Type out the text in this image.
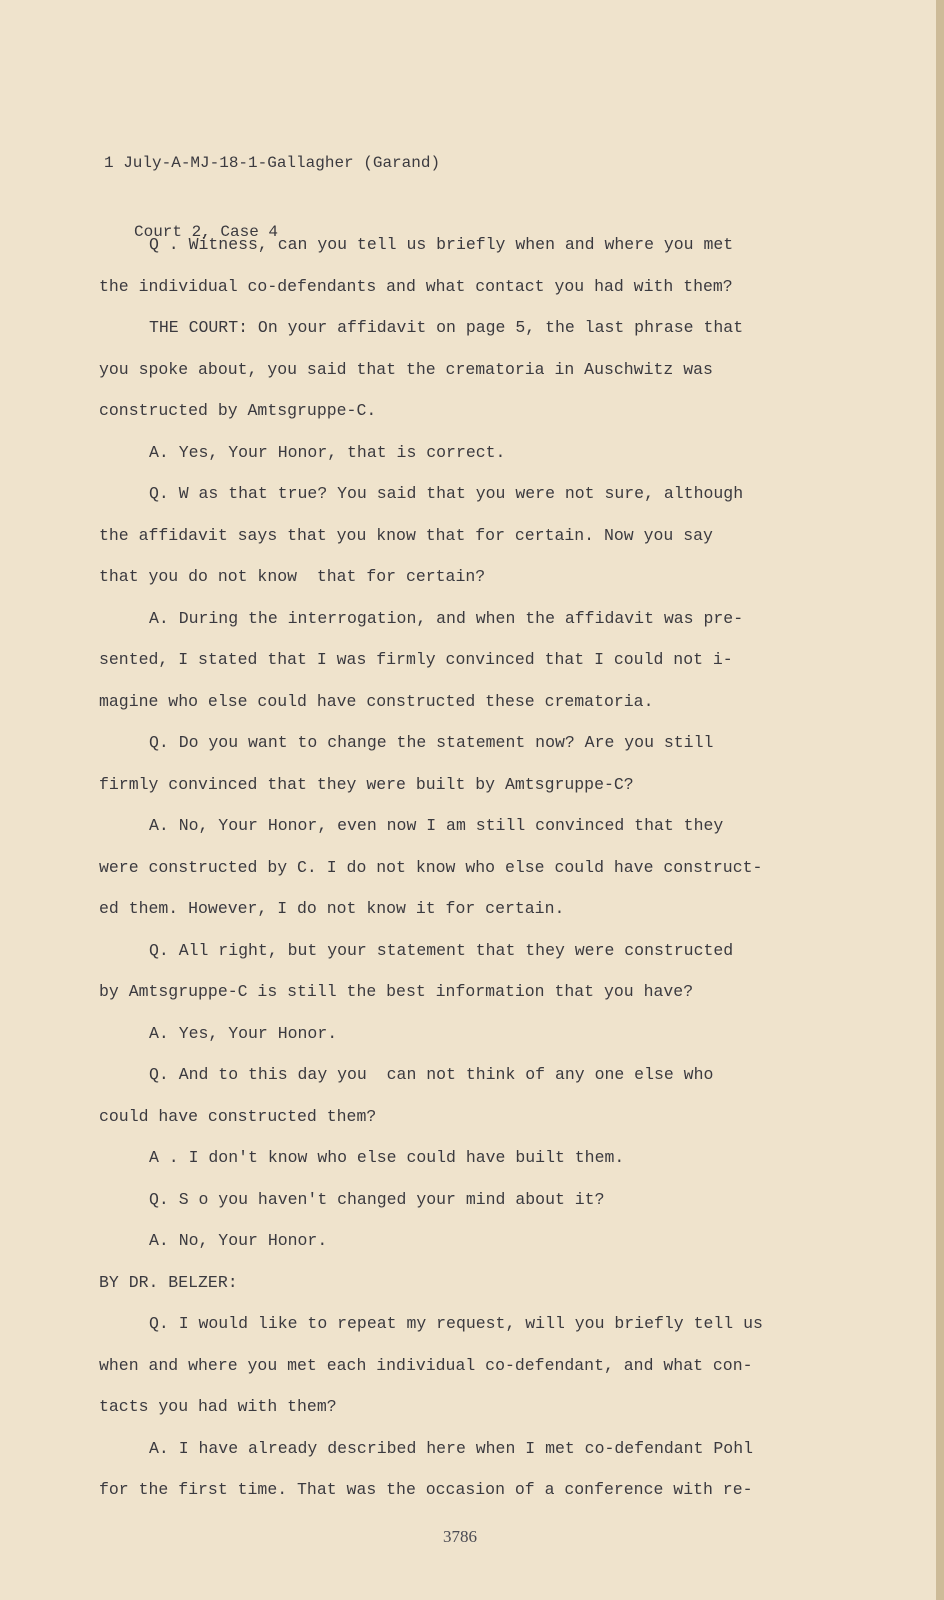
1 July-A-MJ-18-1-Gallagher (Garand)

Court 2, Case 4

Q . Witness, can you tell us briefly when and where you met
the individual co-defendants and what contact you had with them?
THE COURT: On your affidavit on page 5, the last phrase that
you spoke about, you said that the crematoria in Auschwitz was
constructed by Amtsgruppe-C.
A. Yes, Your Honor, that is correct.
Q. W as that true? You said that you were not sure, although
the affidavit says that you know that for certain. Now you say
that you do not know  that for certain?
A. During the interrogation, and when the affidavit was pre-
sented, I stated that I was firmly convinced that I could not i-
magine who else could have constructed these crematoria.
Q. Do you want to change the statement now? Are you still
firmly convinced that they were built by Amtsgruppe-C?
A. No, Your Honor, even now I am still convinced that they
were constructed by C. I do not know who else could have construct-
ed them. However, I do not know it for certain.
Q. All right, but your statement that they were constructed
by Amtsgruppe-C is still the best information that you have?
A. Yes, Your Honor.
Q. And to this day you  can not think of any one else who
could have constructed them?
A . I don't know who else could have built them.
Q. S o you haven't changed your mind about it?
A. No, Your Honor.
BY DR. BELZER:
Q. I would like to repeat my request, will you briefly tell us
when and where you met each individual co-defendant, and what con-
tacts you had with them?
A. I have already described here when I met co-defendant Pohl
for the first time. That was the occasion of a conference with re-
3786
